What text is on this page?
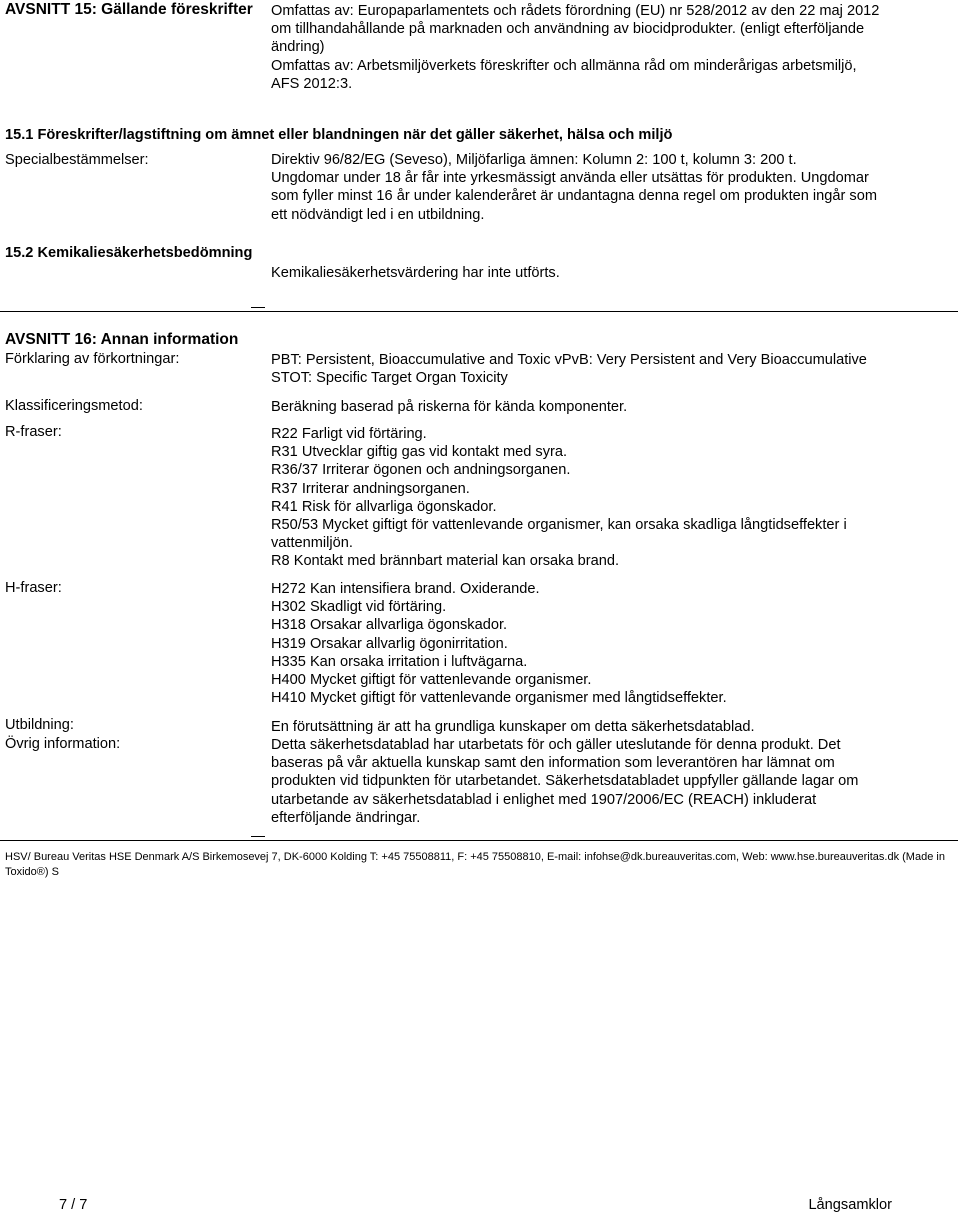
AVSNITT 15: Gällande föreskrifter Omfattas av: Europaparlamentets och rådets förordning (EU) nr 528/2012 av den 22 maj 2012

om tillhandahållande på marknaden och användning av biocidprodukter. (enligt efterföljande

ändring)

Omfattas av: Arbetsmiljöverkets föreskrifter och allmänna råd om minderårigas arbetsmiljö,

AFS 2012:3.

15.1 Föreskrifter/lagstiftning om ämnet eller blandningen när det gäller säkerhet, hälsa och miljö
Specialbestämmelser:	Direktiv 96/82/EG (Seveso), Miljöfarliga ämnen: Kolumn 2: 100 t, kolumn 3: 200 t.

Ungdomar under 18 år får inte yrkesmässigt använda eller utsättas för produkten. Ungdomar

som fyller minst 16 år under kalenderåret är undantagna denna regel om produkten ingår som

ett nödvändigt led i en utbildning.

15.2 Kemikaliesäkerhetsbedömning
Kemikaliesäkerhetsvärdering har inte utförts.
AVSNITT 16: Annan information
Förklaring av förkortningar:	PBT: Persistent, Bioaccumulative and Toxic vPvB: Very Persistent and Very Bioaccumulative

STOT: Specific Target Organ Toxicity

Klassificeringsmetod:	Beräkning baserad på riskerna för kända komponenter.
R-fraser:	R22 Farligt vid förtäring.

R31 Utvecklar giftig gas vid kontakt med syra.

R36/37 Irriterar ögonen och andningsorganen.

R37 Irriterar andningsorganen.

R41 Risk för allvarliga ögonskador.

R50/53 Mycket giftigt för vattenlevande organismer, kan orsaka skadliga långtidseffekter i

vattenmiljön.

R8 Kontakt med brännbart material kan orsaka brand.

H-fraser:	H272 Kan intensifiera brand. Oxiderande.

H302 Skadligt vid förtäring.

H318 Orsakar allvarliga ögonskador.

H319 Orsakar allvarlig ögonirritation.

H335 Kan orsaka irritation i luftvägarna.

H400 Mycket giftigt för vattenlevande organismer.

H410 Mycket giftigt för vattenlevande organismer med långtidseffekter.

Utbildning:	En förutsättning är att ha grundliga kunskaper om detta säkerhetsdatablad.
Övrig information:	Detta säkerhetsdatablad har utarbetats för och gäller uteslutande för denna produkt. Det

baseras på vår aktuella kunskap samt den information som leverantören har lämnat om

produkten vid tidpunkten för utarbetandet. Säkerhetsdatabladet uppfyller gällande lagar om

utarbetande av säkerhetsdatablad i enlighet med 1907/2006/EC (REACH) inkluderat

efterföljande ändringar.

HSV/ Bureau Veritas HSE Denmark A/S Birkemosevej 7, DK-6000 Kolding T: +45 75508811, F: +45 75508810, E-mail: infohse@dk.bureauveritas.com, Web: www.hse.bureauveritas.dk (Made in

Toxido®) S

7 / 7	Långsamklor
